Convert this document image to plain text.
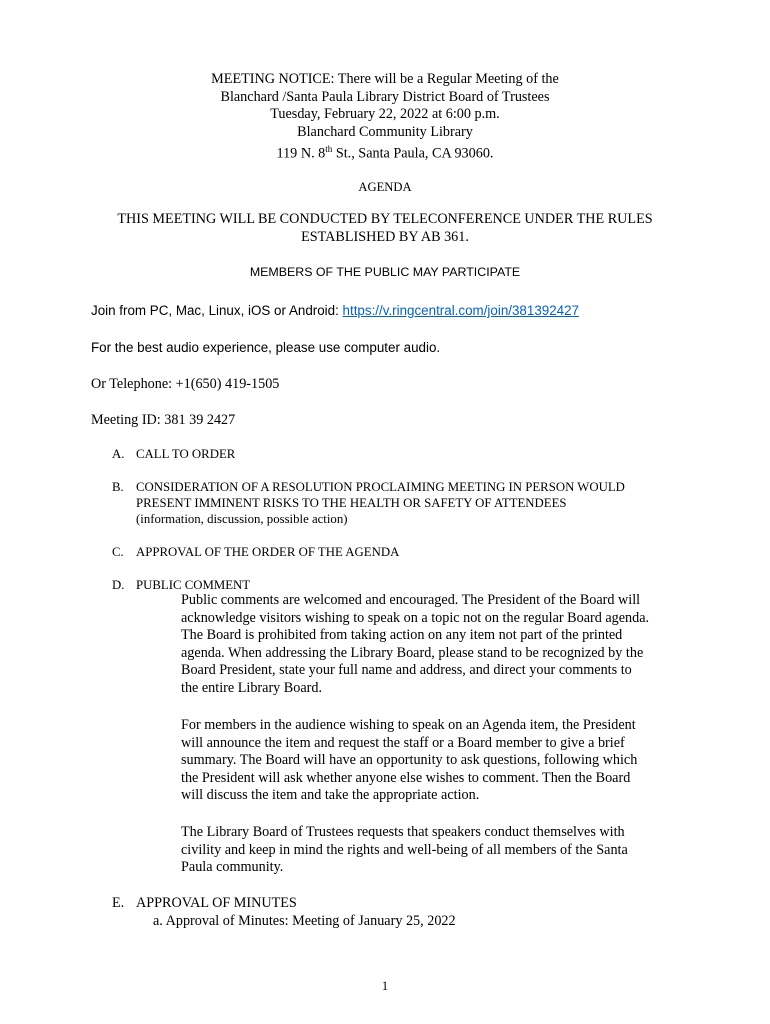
MEETING NOTICE: There will be a Regular Meeting of the
Blanchard /Santa Paula Library District Board of Trustees
Tuesday, February 22, 2022 at 6:00 p.m.
Blanchard Community Library
119 N. 8th St., Santa Paula, CA 93060.
AGENDA
THIS MEETING WILL BE CONDUCTED BY TELECONFERENCE UNDER THE RULES
ESTABLISHED BY AB 361.
MEMBERS OF THE PUBLIC MAY PARTICIPATE
Join from PC, Mac, Linux, iOS or Android: https://v.ringcentral.com/join/381392427
For the best audio experience, please use computer audio.
Or Telephone: +1(650) 419-1505
Meeting ID: 381 39 2427
A. CALL TO ORDER
B. CONSIDERATION OF A RESOLUTION PROCLAIMING MEETING IN PERSON WOULD
PRESENT IMMINENT RISKS TO THE HEALTH OR SAFETY OF ATTENDEES
(information, discussion, possible action)
C. APPROVAL OF THE ORDER OF THE AGENDA
D. PUBLIC COMMENT
Public comments are welcomed and encouraged. The President of the Board will
acknowledge visitors wishing to speak on a topic not on the regular Board agenda.
The Board is prohibited from taking action on any item not part of the printed
agenda. When addressing the Library Board, please stand to be recognized by the
Board President, state your full name and address, and direct your comments to
the entire Library Board.
For members in the audience wishing to speak on an Agenda item, the President
will announce the item and request the staff or a Board member to give a brief
summary. The Board will have an opportunity to ask questions, following which
the President will ask whether anyone else wishes to comment. Then the Board
will discuss the item and take the appropriate action.
The Library Board of Trustees requests that speakers conduct themselves with
civility and keep in mind the rights and well-being of all members of the Santa
Paula community.
E. APPROVAL OF MINUTES
a. Approval of Minutes: Meeting of January 25, 2022
1
